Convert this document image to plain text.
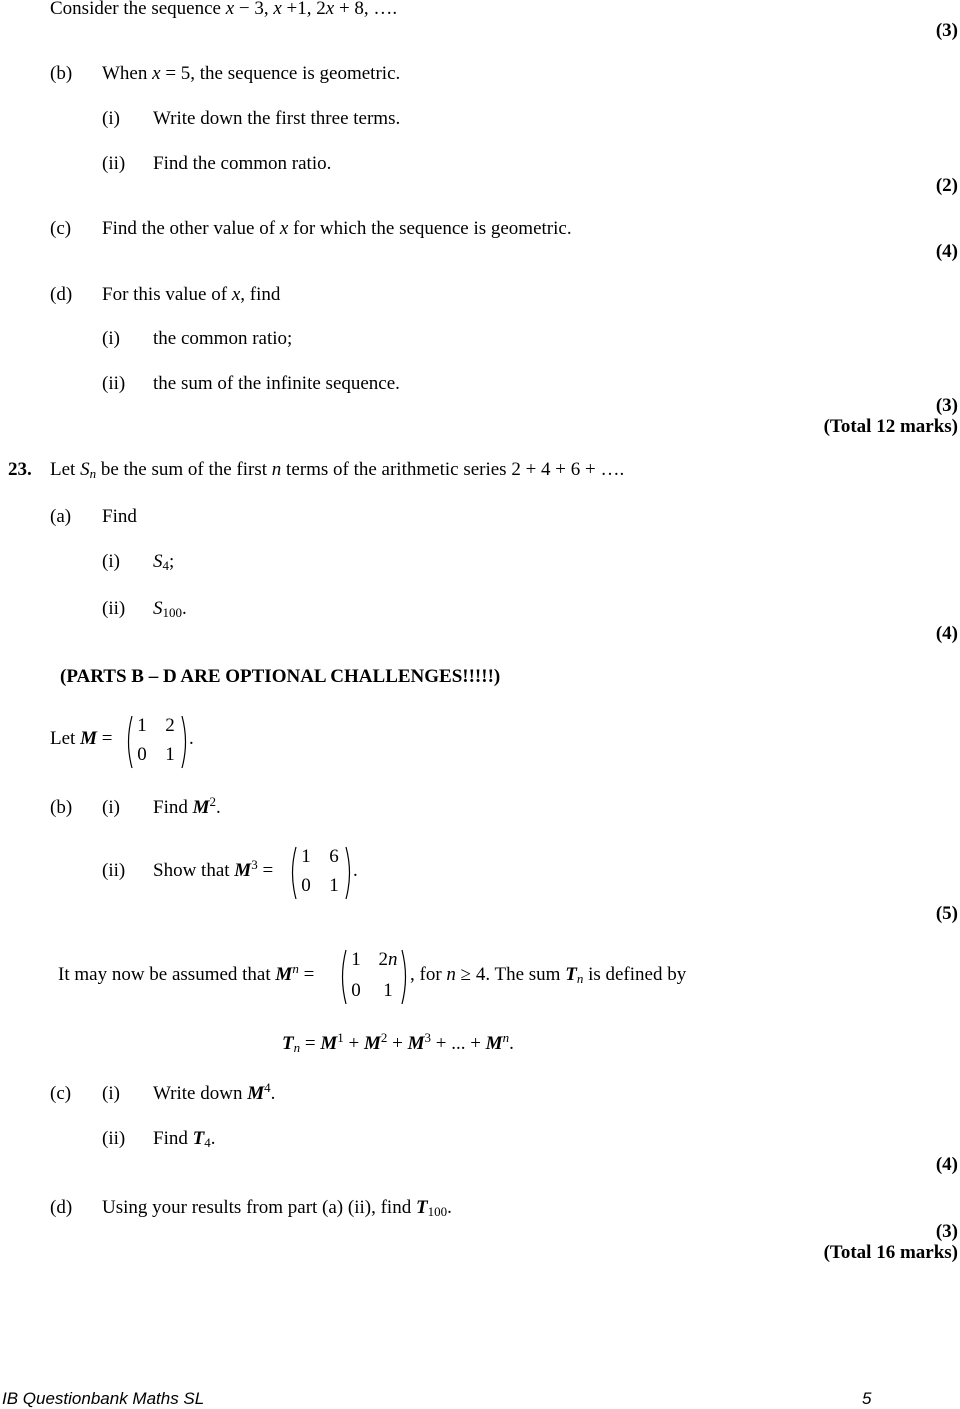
Consider the sequence x − 3, x +1, 2x + 8, ….
(3)
(b) When x = 5, the sequence is geometric.
(i) Write down the first three terms.
(ii) Find the common ratio.
(2)
(c) Find the other value of x for which the sequence is geometric.
(4)
(d) For this value of x, find
(i) the common ratio;
(ii) the sum of the infinite sequence.
(3)
(Total 12 marks)
23. Let $S_n$ be the sum of the first n terms of the arithmetic series 2 + 4 + 6 + ….
(a) Find
(i) $S_4$;
(ii) $S_{100}$.
(4)
(PARTS B – D ARE OPTIONAL CHALLENGES!!!!!)
Let M =
1 2
0 1
.
(b) (i) Find $M^2$.
(ii) Show that $M^3$ =
1 6
0 1
.
(5)
It may now be assumed that $M^n$ =
1 2n
0	1
, for n ≥ 4. The sum $T_n$ is defined by
$T_n = M^1 + M^2 + M^3$ + ... + $M^n$.
(c) (i) Write down $M^4$.
(ii) Find $T_4$.
(4)
(d) Using your results from part (a) (ii), find $T_{100}$.
(3)
(Total 16 marks)
IB Questionbank Maths SL	5
